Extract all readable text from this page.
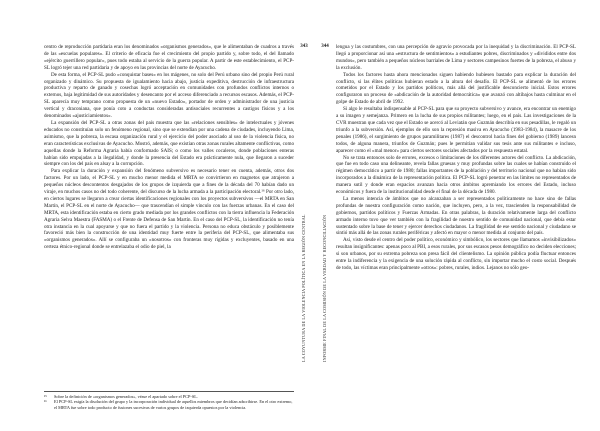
centro de reproducción partidaria eran los denominados «organismos generados», que le alimentaban de cuadros a través de las «escuelas populares». El criterio de eficacia fue el crecimiento del propio partido y, sobre todo, el del llamado «ejército guerrillero popular», pues todo estaba al servicio de la guerra popular. A partir de este establecimiento, el PCP-SL logró tejer una red partidaria y de apoyo en las provincias del norte de Ayacucho.

De esta forma, el PCP-SL pudo «conquistar bases» en los mágenes, no solo del Perú urbano sino del propio Perú rural organizado y dinámico. Su propuesta de igualamiento hacia abajo, justicia expeditiva, destrucción de infraestructura productiva y reparto de ganado y cosechas logró acceptación en comunidades con profundos conflictos internos o externos, baja legitimidad de sus autoridades y desencanto por el acceso diferenciado a recursos escasos. Además, el PCP-SL aparecía muy temprano como propuesta de un «nuevo Estado», portador de orden y administrador de una justicia vertical y draconiana, que ponía coto a conductas consideradas antisociales recurrentes a castigos físicos y a los denominados «ajusticiamientos».

La expansión del PCP-SL a otras zonas del país muestra que las «relaciones sensibles» de intelectuales y jóvenes educados no constituían solo un fenómeno regional, sino que se extendían por una cadena de ciudades, incluyendo Lima, asimismo, que la pobreza, la escasa organización rural y el ejercicio del poder asociado al uso de la violencia física, no eran características exclusivas de Ayacucho. Mostró, además, que existían otras zonas rurales altamente conflictivas, como aquellas donde la Reforma Agraria había conformado SAIS; o como los valles cocaleros, donde poblaciones enteras habían sido empujadas a la ilegalidad, y donde la presencia del Estado era prácticamente nula, que llegaron a suceder siempre con los del país en alsay a la corrupción.

Para explicar la duración y expansión del fenómeno subversivo es necesario tener en cuenta, además, otros dos factores. Por un lado, el PCP-SL y en mucho menor medida el MRTA se convirtieron en magnetos que atrajeron a pequeños núcleos descontentos desgajados de los grupos de izquierda que a fines de la década del 70 habían dado un viraje, en muchos casos no del todo coherente, del discurso de la lucha armada a la participación electoral.¹⁶ Por otro lado, en ciertos lugares se llegaron a crear ciertas identificaciones regionales con los proyectos subversivos —el MRTA en San Martín, el PCP-SL en el norte de Ayacucho— que trascendían el simple vínculo con las fuerzas urbanas. En el caso del MRTA, esta identificación estaba en cierto grado mediada por los grandes conflictos con la tierra influencia la Federación Agraria Selva Maestra (FASMA) o el Frente de Defensa de San Martín. En el caso del PCP-SL, la identificación no tenía otra instancia en la cual apoyarse y que no fuera el partido y la violencia. Persona no educa obstáculo y posiblemente favoreció más bien la construcción de una identidad muy fuerte entre la periferia del PCP-SL, que alimentaba sus «organismos generados». Allí se configuraba un «nosotros» con fronteras muy rígidas y excluyentes, basado en una certeza étnico-regional donde se entrelazaba el odio de piel, la

¹⁵	Sobre la definición de «organismos generados», véase el apartado sobre el PCP-SL.
¹⁶	El PCP-SL exigía la disolución del grupo y la incorporación individual de aquellos miembros que decidían adscribirse. En el otro extremo, el MRTA fue sobre todo producto de fusiones sucesivas de varios grupos de izquierda opuestos por la violencia.
343
LA COYUNTURA DE LA VIOLENCIA POLÍTICA EN LA REGIÓN CENTRAL
344
INFORME FINAL DE LA COMISIÓN DE LA VERDAD Y RECONCILIACIÓN

lengua y las costumbres, con una percepción de agravio provocada por la inequidad y la discriminación. El PCP-SL llegó a proporcionar así una «estructura de sentimientos» a estudiantes pobres, discriminados y «divididos entre dos mundos», pero también a pequeños núcleos barriales de Lima y sectores campesinos fuertes de la pobreza, el abuso y la exclusión.

Todos los factores hasta ahora mencionados siguen habiendo hubiesen bastado para explicar la duración del conflicto, si las élites políticas hubieran estado a la altura del desafío. El PCP-SL se alimentó de los errores cometidos por el Estado y los partidos políticos, más allá del justificable desconcierto inicial. Estos errores configuraron un proceso de «abdicación de la autoridad democrática» que avanzó con altibajos hasta culminar en el golpe de Estado de abril de 1992.

Si algo le resultaba indispensable al PCP-SL para que su proyecto subversivo y avance, era encontrar un enemigo a su imagen y semejanza. Primero en la lucha de sus propios militantes; luego, en el país. Las investigaciones de la CVR muestran que cada vez que el Estado se acercó al Leviatán que Guzmán describía en sus pesadillas, le regaló un triunfo a la subversión. Así, ejemplos de ello son la represión masiva en Ayacucho (1983-1984), la masacre de los penales (1986), el surgimiento de grupos paramilitares (1987) el descontrol hacia fines del gobierno (1989) lancesn todos, de alguna manera, triunfos de Guzmán; pues le permitían validar sus tesis ante sus militantes e incluso, aparecer como el «mal menor» para ciertos sectores sociales afectados por la respuesta estatal.

No se trata entonces solo de errores, excesos o limitaciones de los diferentes actores del conflicto. La abdicación, que fue en todo caso una delineante, revela fallas gruesas y muy profundas sobre las cuales se habían construido el régimen democrático a partir de 1980; fallas importantes de la población y del territorio nacional que no habían sido incorporados a la dinámica de la representación política. El PCP-SL logró penetrar en las límites no representados de manera sutil y donde eran espacios avanzan hacia otros ámbitos apremiando los errores del Estado, incluso económicos y fuera de la institucionalidad desde el final de la década de 1980.

La menos intencia de ámbitos que no alcanzaban a ser representados políticamente no hace sino de fallas profundas de nuestra configuración como nación, que incluyen, pero, a la vez, trascienden la responsabilidad de gobiernos, partidos políticos y Fuerzas Armadas. En otras palabras, la duración relativamente larga del conflicto armado interno tuvo que ver también con la fragilidad de nuestro sentido de comunidad nacional, que debía estar sustentado sobre la base de tener y ejercer derechos ciudadanos. La fragilidad de ese sentido nacional y ciudadano se sintió más allá de las zonas rurales periféricas y afectó en mayor o menor medida al conjunto del país.

Así, visto desde el centro del poder político, económico y simbólico, los sectores que llamamos «invisibilizados» resultan insignificantes: apenas poco al PBI, a esos rurales, por sus escasos pesos demográfico no deciden elecciones; si son urbanos, por su extrema pobreza son presa fácil del clientelismo. La opinión pública podía fluctuar entonces entre la indiferencia y la exigencia de una solución rápida al conflicto, sin importar mucho el costo social. Después de todo, las víctimas eran principalmente «otros»: pobres, rurales, indios. Lejanos no sólo geo-
